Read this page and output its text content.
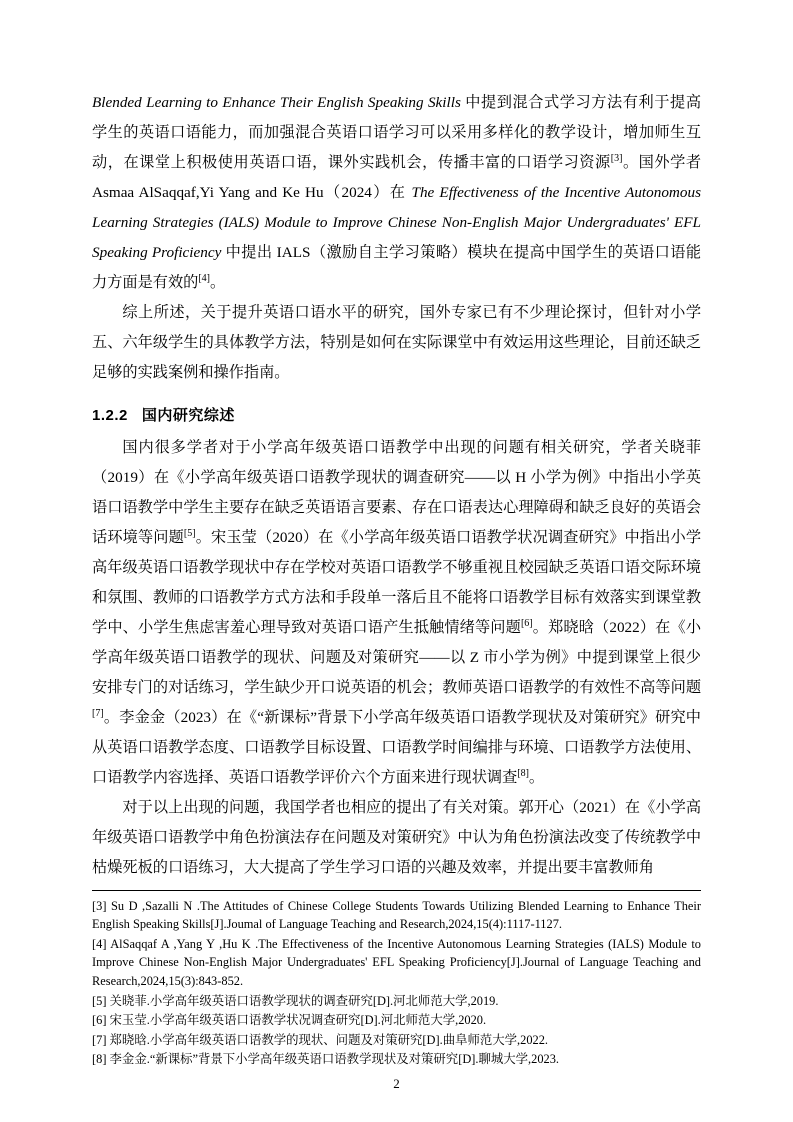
Blended Learning to Enhance Their English Speaking Skills 中提到混合式学习方法有利于提高学生的英语口语能力，而加强混合英语口语学习可以采用多样化的教学设计，增加师生互动，在课堂上积极使用英语口语，课外实践机会，传播丰富的口语学习资源[3]。国外学者 Asmaa AlSaqqaf,Yi Yang and Ke Hu（2024）在 The Effectiveness of the Incentive Autonomous Learning Strategies (IALS) Module to Improve Chinese Non-English Major Undergraduates' EFL Speaking Proficiency 中提出 IALS（激励自主学习策略）模块在提高中国学生的英语口语能力方面是有效的[4]。

综上所述，关于提升英语口语水平的研究，国外专家已有不少理论探讨，但针对小学五、六年级学生的具体教学方法，特别是如何在实际课堂中有效运用这些理论，目前还缺乏足够的实践案例和操作指南。

1.2.2 国内研究综述

国内很多学者对于小学高年级英语口语教学中出现的问题有相关研究，学者关晓菲（2019）在《小学高年级英语口语教学现状的调查研究——以 H 小学为例》中指出小学英语口语教学中学生主要存在缺乏英语语言要素、存在口语表达心理障碍和缺乏良好的英语会话环境等问题[5]。宋玉莹（2020）在《小学高年级英语口语教学状况调查研究》中指出小学高年级英语口语教学现状中存在学校对英语口语教学不够重视且校园缺乏英语口语交际环境和氛围、教师的口语教学方式方法和手段单一落后且不能将口语教学目标有效落实到课堂教学中、小学生焦虑害羞心理导致对英语口语产生抵触情绪等问题[6]。郑晓晗（2022）在《小学高年级英语口语教学的现状、问题及对策研究——以 Z 市小学为例》中提到课堂上很少安排专门的对话练习，学生缺少开口说英语的机会；教师英语口语教学的有效性不高等问题[7]。李金金（2023）在《“新课标”背景下小学高年级英语口语教学现状及对策研究》研究中从英语口语教学态度、口语教学目标设置、口语教学时间编排与环境、口语教学方法使用、口语教学内容选择、英语口语教学评价六个方面来进行现状调查[8]。

对于以上出现的问题，我国学者也相应的提出了有关对策。郭开心（2021）在《小学高年级英语口语教学中角色扮演法存在问题及对策研究》中认为角色扮演法改变了传统教学中枯燥死板的口语练习，大大提高了学生学习口语的兴趣及效率，并提出要丰富教师角

[3] Su D ,Sazalli N .The Attitudes of Chinese College Students Towards Utilizing Blended Learning to Enhance Their English Speaking Skills[J].Joumal of Language Teaching and Research,2024,15(4):1117-1127.
[4] AlSaqqaf A ,Yang Y ,Hu K .The Effectiveness of the Incentive Autonomous Learning Strategies (IALS) Module to Improve Chinese Non-English Major Undergraduates' EFL Speaking Proficiency[J].Journal of Language Teaching and Research,2024,15(3):843-852.
[5] 关晓菲.小学高年级英语口语教学现状的调查研究[D].河北师范大学,2019.
[6] 宋玉莹.小学高年级英语口语教学状况调查研究[D].河北师范大学,2020.
[7] 郑晓晗.小学高年级英语口语教学的现状、问题及对策研究[D].曲阜师范大学,2022.
[8] 李金金.“新课标”背景下小学高年级英语口语教学现状及对策研究[D].聊城大学,2023.
2
